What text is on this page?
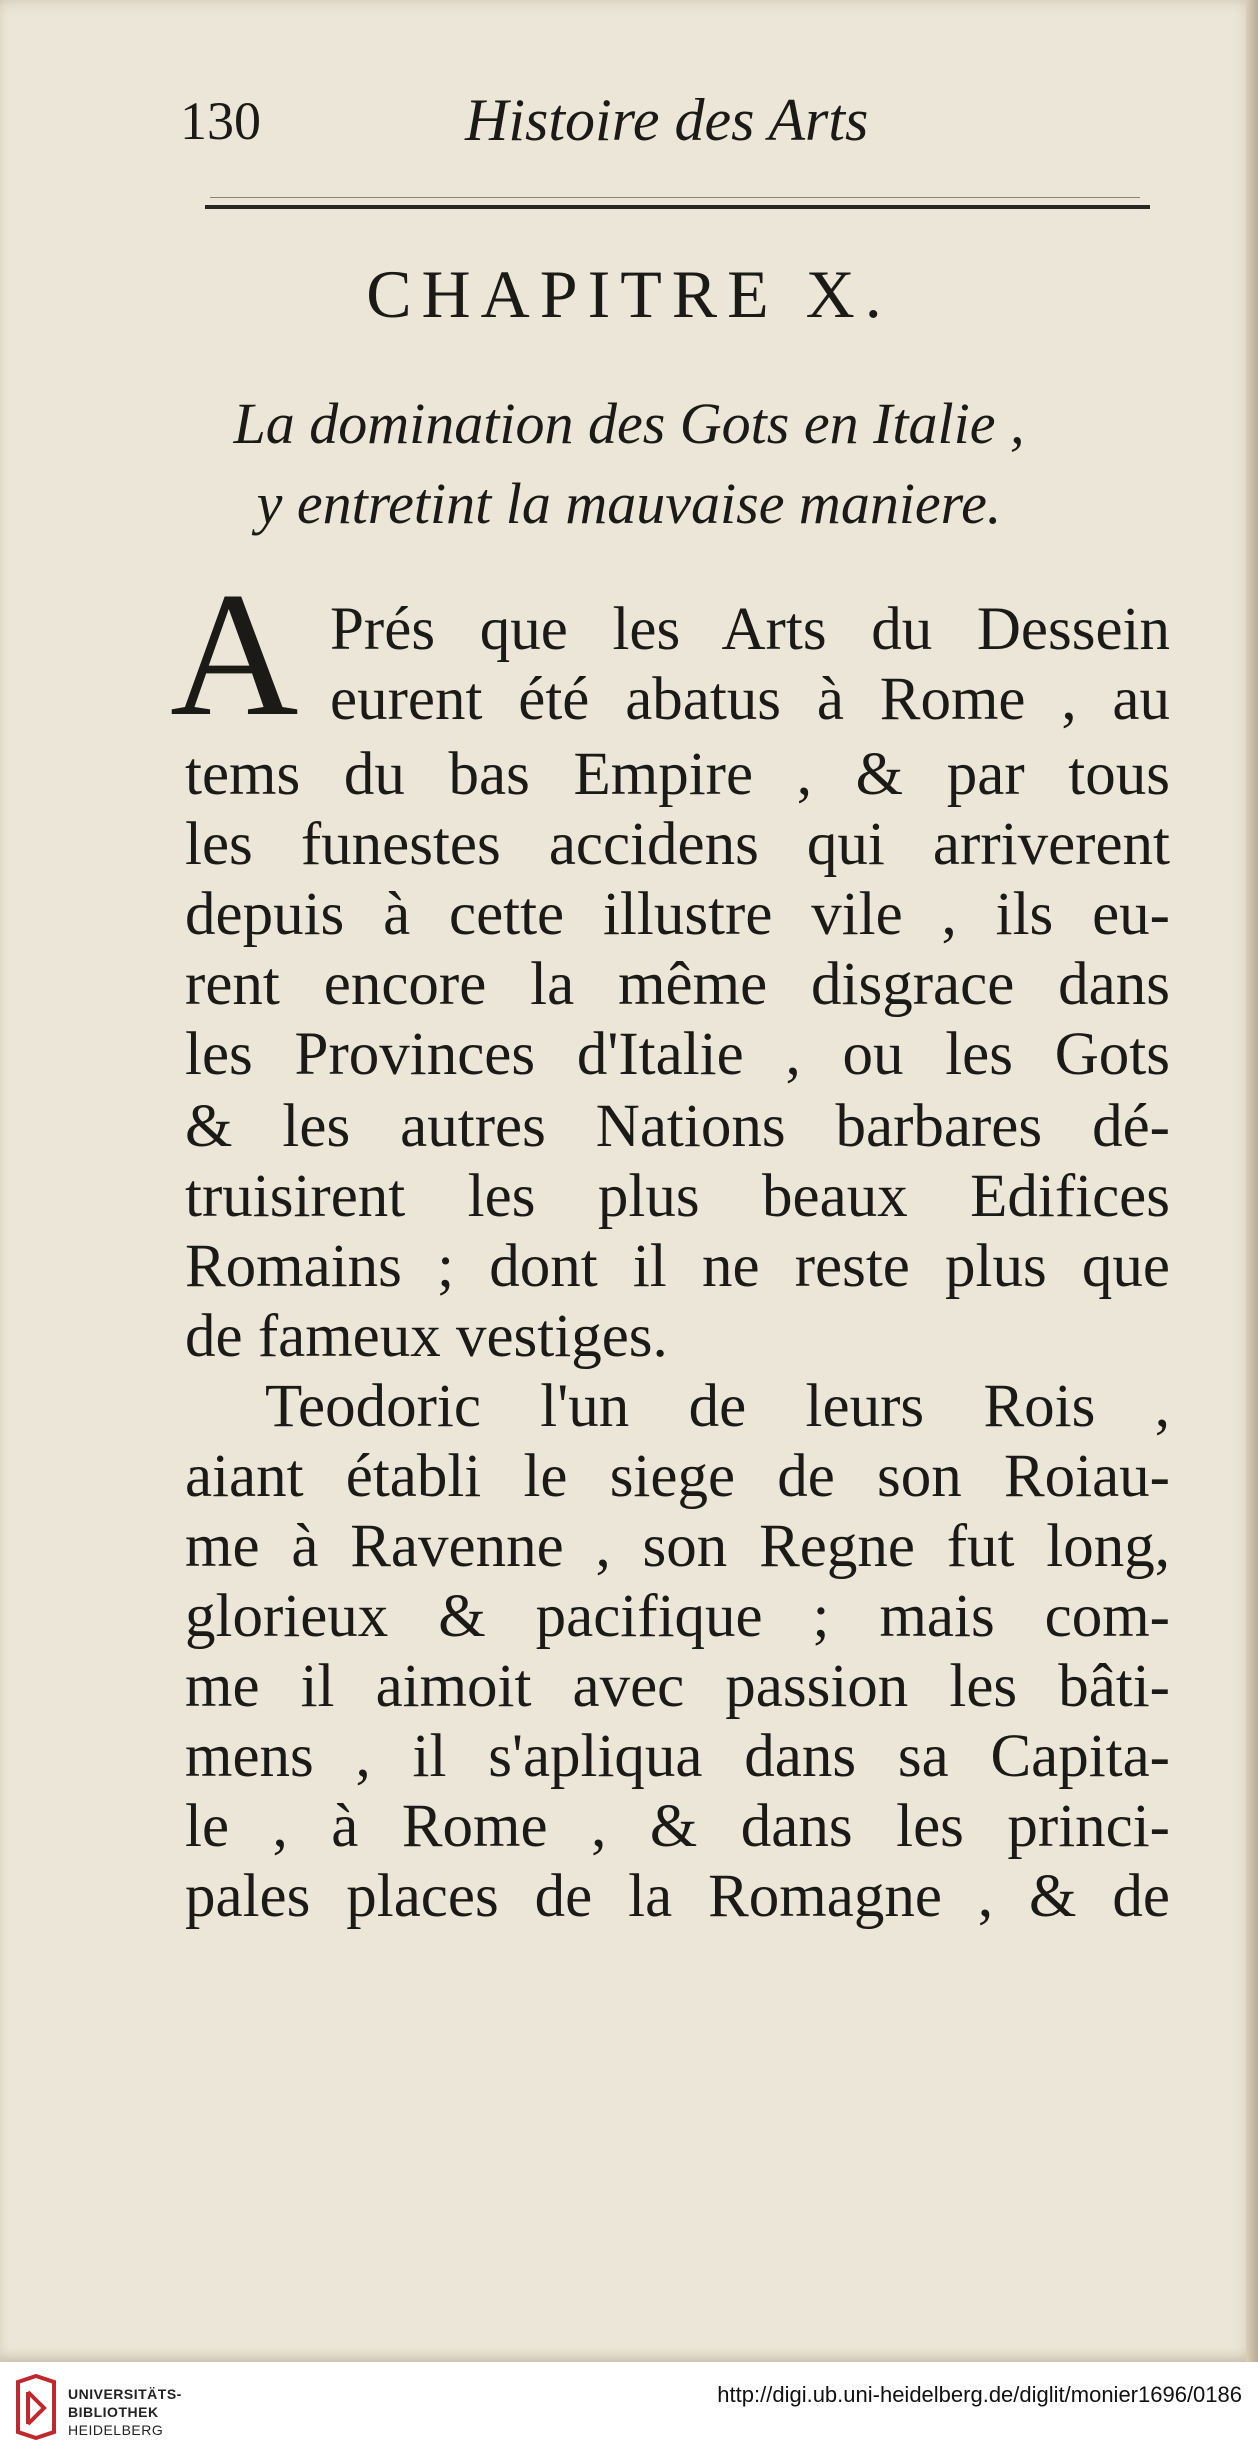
130	Histoire des Arts
CHAPITRE X.
La domination des Gots en Italie ,
y entretint la mauvaise maniere.
A Prés que les Arts du Dessein
eurent été abatus à Rome , au
tems du bas Empire , & par tous
les funestes accidens qui arriverent
depuis à cette illustre vile , ils eu-
rent encore la même disgrace dans
les Provinces d'Italie , ou les Gots
& les autres Nations barbares dé-
truisirent les plus beaux Edifices
Romains ; dont il ne reste plus que
de fameux vestiges.
Teodoric l'un de leurs Rois ,
aiant établi le siege de son Roiau-
me à Ravenne , son Regne fut long,
glorieux & pacifique ; mais com-
me il aimoit avec passion les bâti-
mens , il s'apliqua dans sa Capita-
le , à Rome , & dans les princi-
pales places de la Romagne , & de
UNIVERSITÄTS-
BIBLIOTHEK
HEIDELBERG
http://digi.ub.uni-heidelberg.de/diglit/monier1696/0186
